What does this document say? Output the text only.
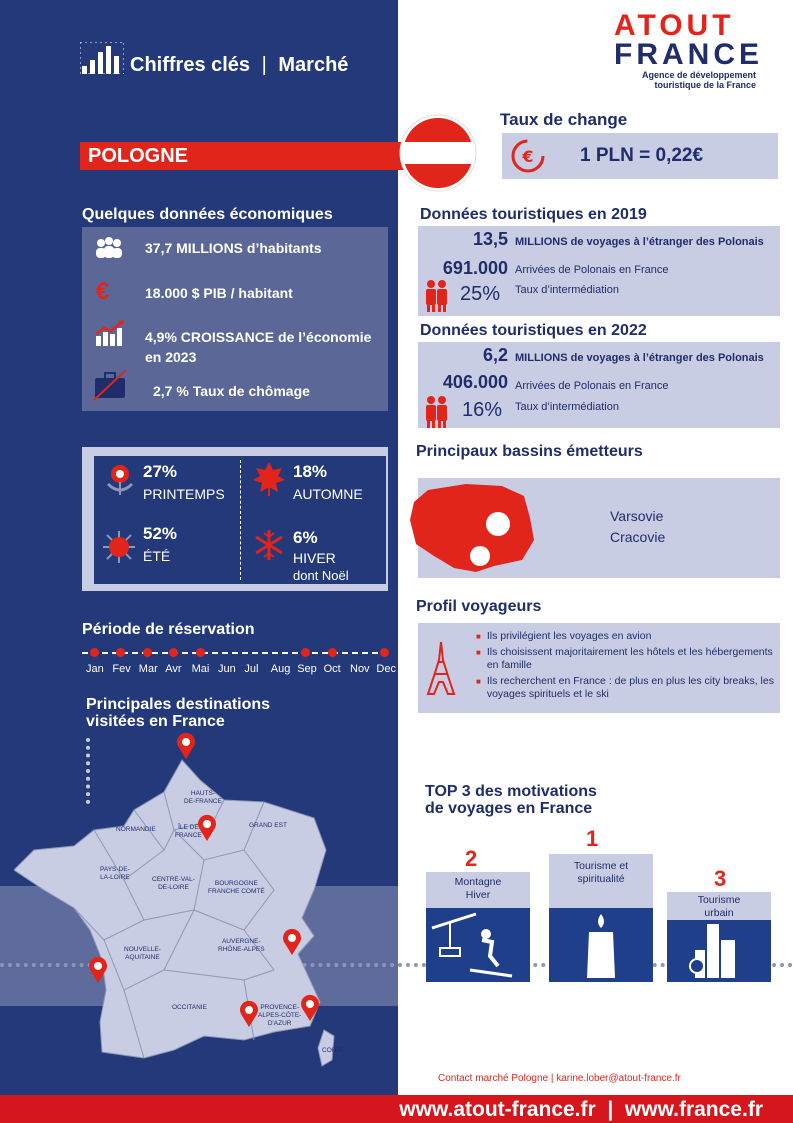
Chiffres clés | Marché
ATOUT
FRANCE
Agence de développement
touristique de la France
POLOGNE
Taux de change
€ 1 PLN = 0,22€
Quelques données économiques
37,7 MILLIONS d’habitants
€	18.000 $ PIB / habitant
4,9% CROISSANCE de l’économie
en 2023
2,7 % Taux de chômage
27%
PRINTEMPS
18%
AUTOMNE
52%
ÉTÉ
6%
HIVER
dont Noël
Période de réservation
Jan Fev Mar Avr Mai Jun Jul Aug Sep Oct Nov Dec
Principales destinations
visitées en France
HAUTS-
DE-FRANCE
NORMANDIE	ÎLE DE
FRANCE
GRAND EST
PAYS-DE-
LA-LOIRE	CENTRE-VAL-
DE-LOIRE
BOURGOGNE
FRANCHE COMTÉ
NOUVELLE-
AQUITAINE
AUVERGNE-
RHÔNE-ALPES
OCCITANIE	PROVENCE-
ALPES-CÔTE-
D'AZUR
CORSE
Données touristiques en 2019
13,5 MILLIONS de voyages à l’étranger des Polonais
691.000 Arrivées de Polonais en France
25% Taux d’intermédiation
Données touristiques en 2022
6,2 MILLIONS de voyages à l’étranger des Polonais
406.000 Arrivées de Polonais en France
16% Taux d’intermédiation
Principaux bassins émetteurs
Varsovie
Cracovie
Profil voyageurs
■ Ils privilégient les voyages en avion
■ Ils choisissent majoritairement les hôtels et les hébergements en famille
■ Ils recherchent en France : de plus en plus les city breaks, les voyages spirituels et le ski
TOP 3 des motivations
de voyages en France
2
Montagne
Hiver
1
Tourisme et
spiritualité	3
Tourisme
urbain
Contact marché Pologne | karine.lober@atout-france.fr
www.atout-france.fr  |  www.france.fr
